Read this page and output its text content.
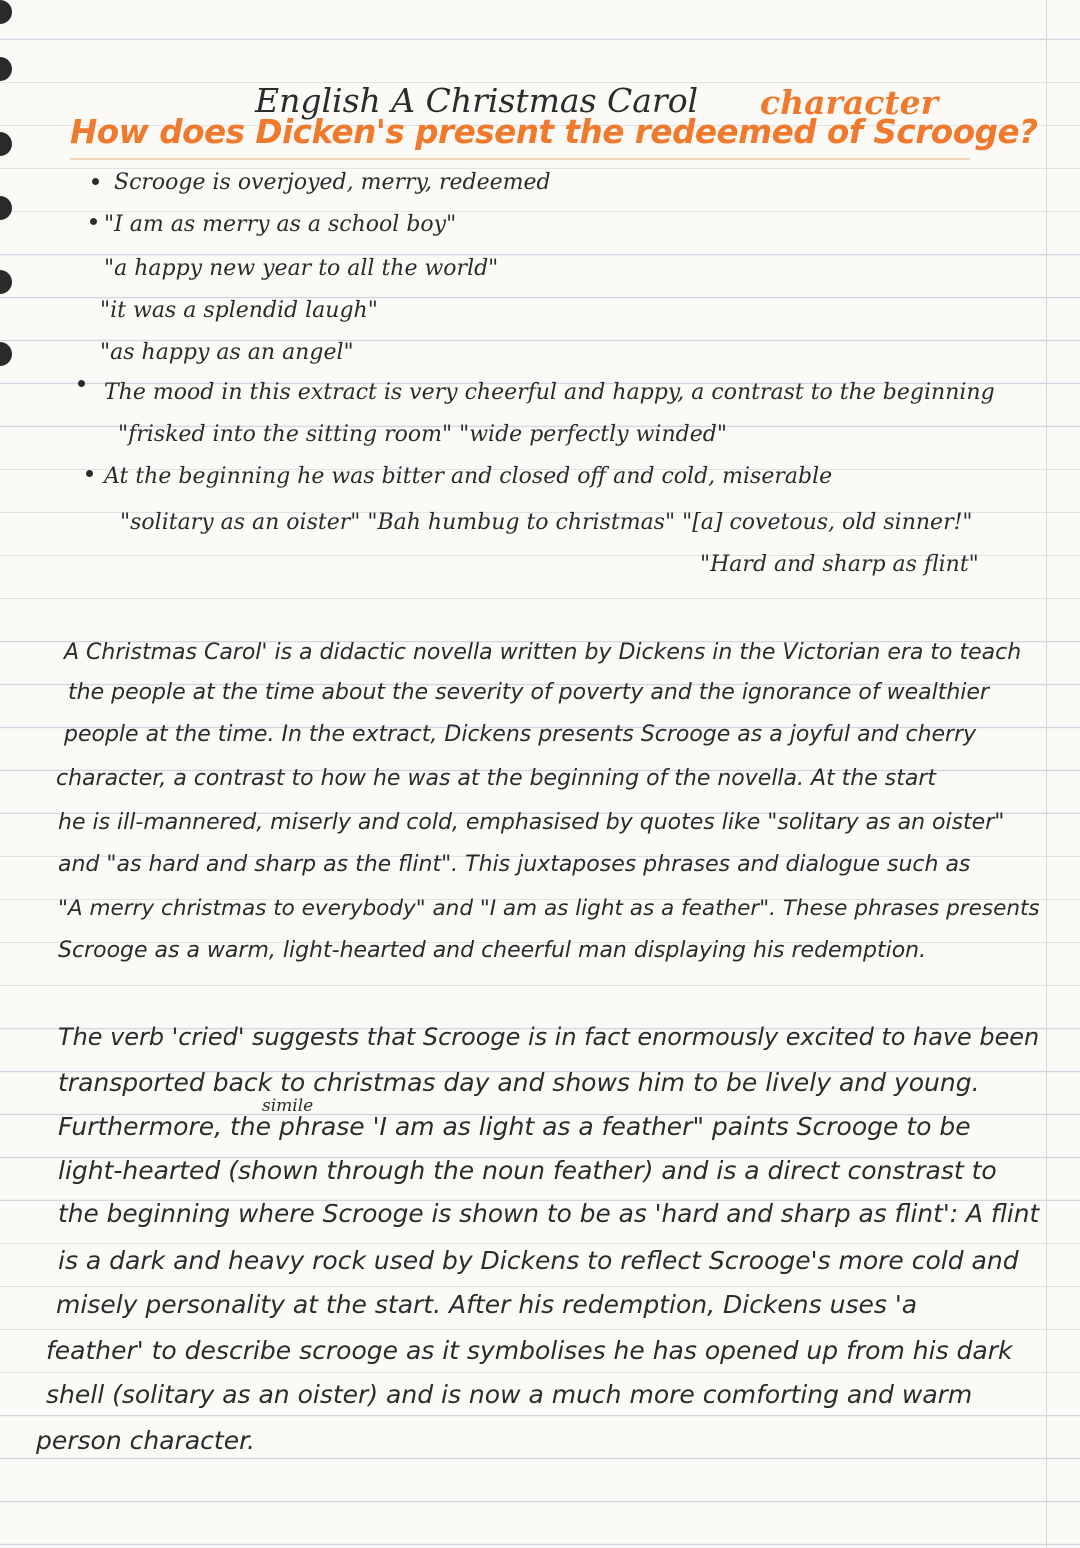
English A Christmas Carol character
How does Dicken's present the redeemed of Scrooge?
Scrooge is overjoyed, merry, redeemed
"I am as merry as a school boy"
"a happy new year to all the world"
"it was a splendid laugh"
"as happy as an angel"
The mood in this extract is very cheerful and happy, a contrast to the beginning
"frisked into the sitting room" "wide perfectly winded"
At the beginning he was bitter and closed off and cold, miserable
"solitary as an oister" "Bah humbug to christmas" "[a] covetous, old sinner!"
"Hard and sharp as flint"
A Christmas Carol' is a didactic novella written by Dickens in the Victorian era to teach
the people at the time about the severity of poverty and the ignorance of wealthier
people at the time. In the extract, Dickens presents Scrooge as a joyful and cherry
character, a contrast to how he was at the beginning of the novella. At the start
he is ill-mannered, miserly and cold, emphasised by quotes like "solitary as an oister"
and "as hard and sharp as the flint". This juxtaposes phrases and dialogue such as
"A merry christmas to everybody" and "I am as light as a feather". These phrases presents
Scrooge as a warm, light-hearted and cheerful man displaying his redemption.
The verb 'cried' suggests that Scrooge is in fact enormously excited to have been
transported back to christmas day and shows him to be lively and young.
simile
Furthermore, the phrase 'I am as light as a feather" paints Scrooge to be
light-hearted (shown through the noun feather) and is a direct constrast to
the beginning where Scrooge is shown to be as 'hard and sharp as flint': A flint
is a dark and heavy rock used by Dickens to reflect Scrooge's more cold and
misely personality at the start. After his redemption, Dickens uses 'a
feather' to describe scrooge as it symbolises he has opened up from his dark
shell (solitary as an oister) and is now a much more comforting and warm
person character.
